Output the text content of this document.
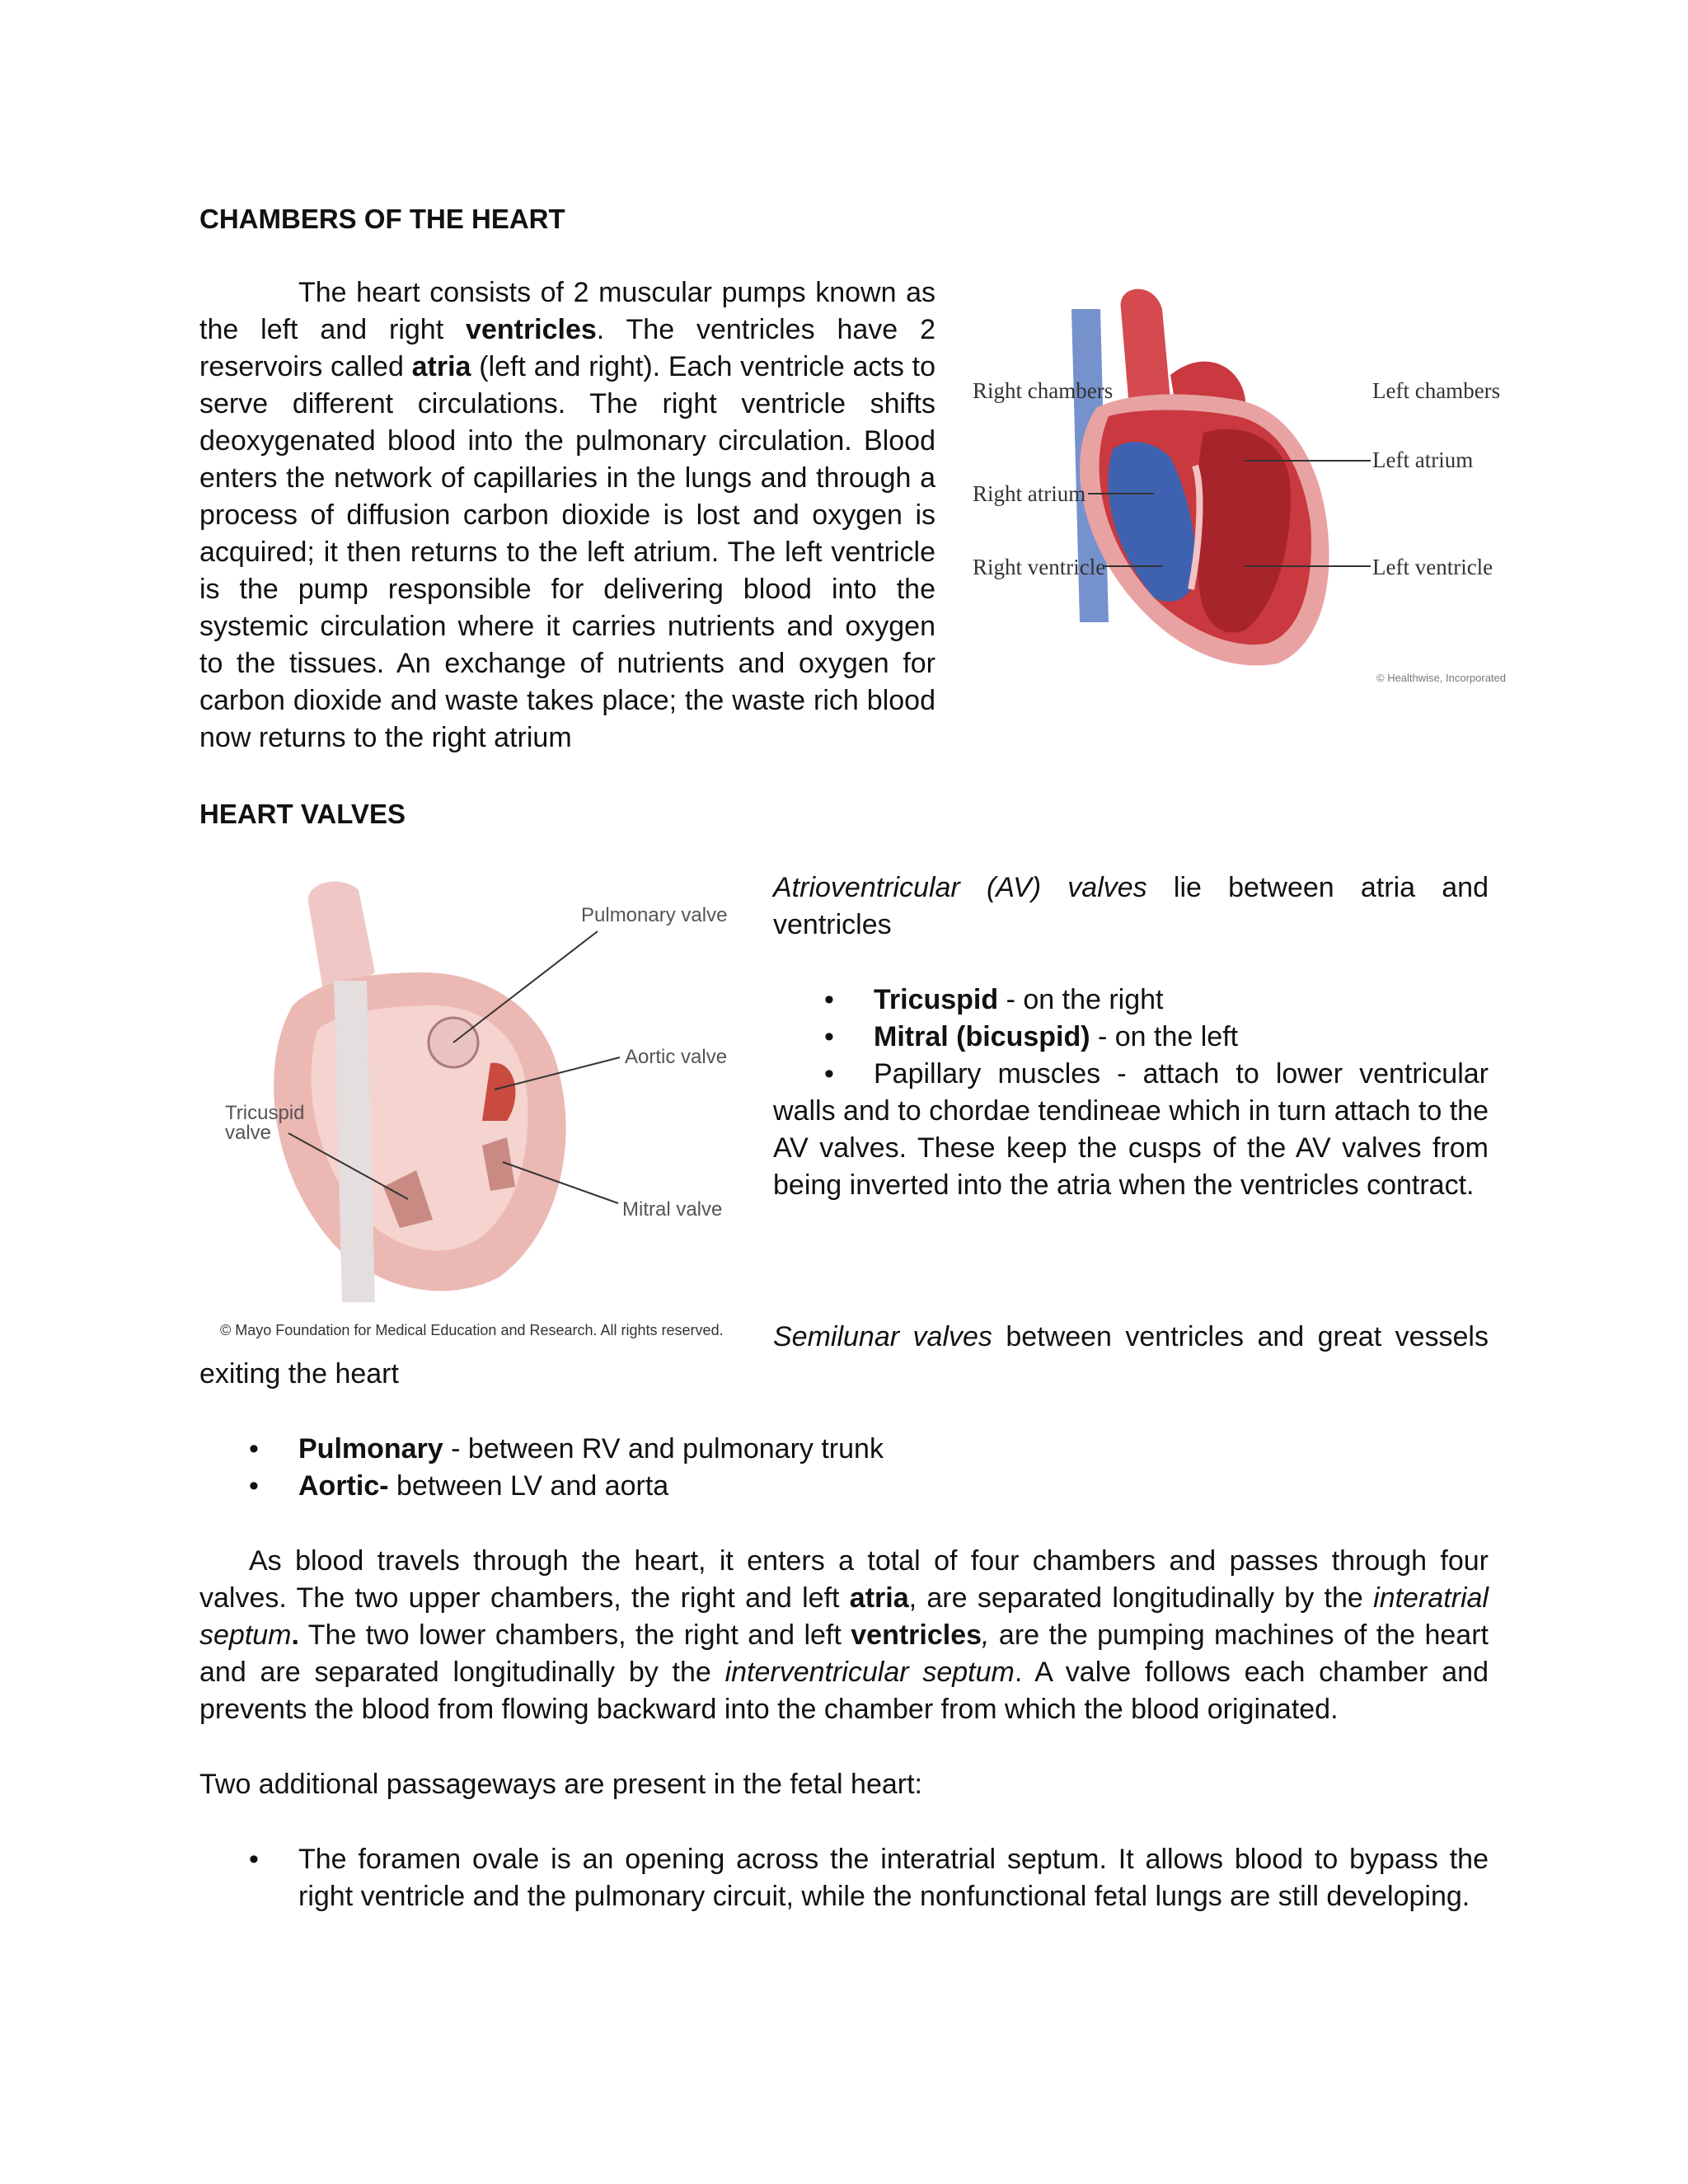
CHAMBERS OF THE HEART

The heart consists of 2 muscular pumps known as the left and right ventricles. The ventricles have 2 reservoirs called atria (left and right). Each ventricle acts to serve different circulations. The right ventricle shifts deoxygenated blood into the pulmonary circulation. Blood enters the network of capillaries in the lungs and through a process of diffusion carbon dioxide is lost and oxygen is acquired; it then returns to the left atrium. The left ventricle is the pump responsible for delivering blood into the systemic circulation where it carries nutrients and oxygen to the tissues. An exchange of nutrients and oxygen for carbon dioxide and waste takes place; the waste rich blood now returns to the right atrium

Right chambers	Left chambers
Right atrium
Left atrium
Right ventricle	Left ventricle
© Healthwise, Incorporated
HEART VALVES
Pulmonary valve
Aortic valve
Tricuspid
valve
Mitral valve
© Mayo Foundation for Medical Education and Research. All rights reserved.

Atrioventricular (AV) valves lie between atria and ventricles

• Tricuspid - on the right
• Mitral (bicuspid) - on the left
•	Papillary muscles - attach to lower ventricular walls and to chordae tendineae which in turn attach to the AV valves. These keep the cusps of the AV valves from being inverted into the atria when the ventricles contract.

Semilunar valves between ventricles and great vessels

exiting the heart

• Pulmonary - between RV and pulmonary trunk
• Aortic- between LV and aorta

As blood travels through the heart, it enters a total of four chambers and passes through four valves. The two upper chambers, the right and left atria, are separated longitudinally by the interatrial septum. The two lower chambers, the right and left ventricles, are the pumping machines of the heart and are separated longitudinally by the interventricular septum. A valve follows each chamber and prevents the blood from flowing backward into the chamber from which the blood originated.

Two additional passageways are present in the fetal heart:

• The foramen ovale is an opening across the interatrial septum. It allows blood to bypass the right ventricle and the pulmonary circuit, while the nonfunctional fetal lungs are still developing.
